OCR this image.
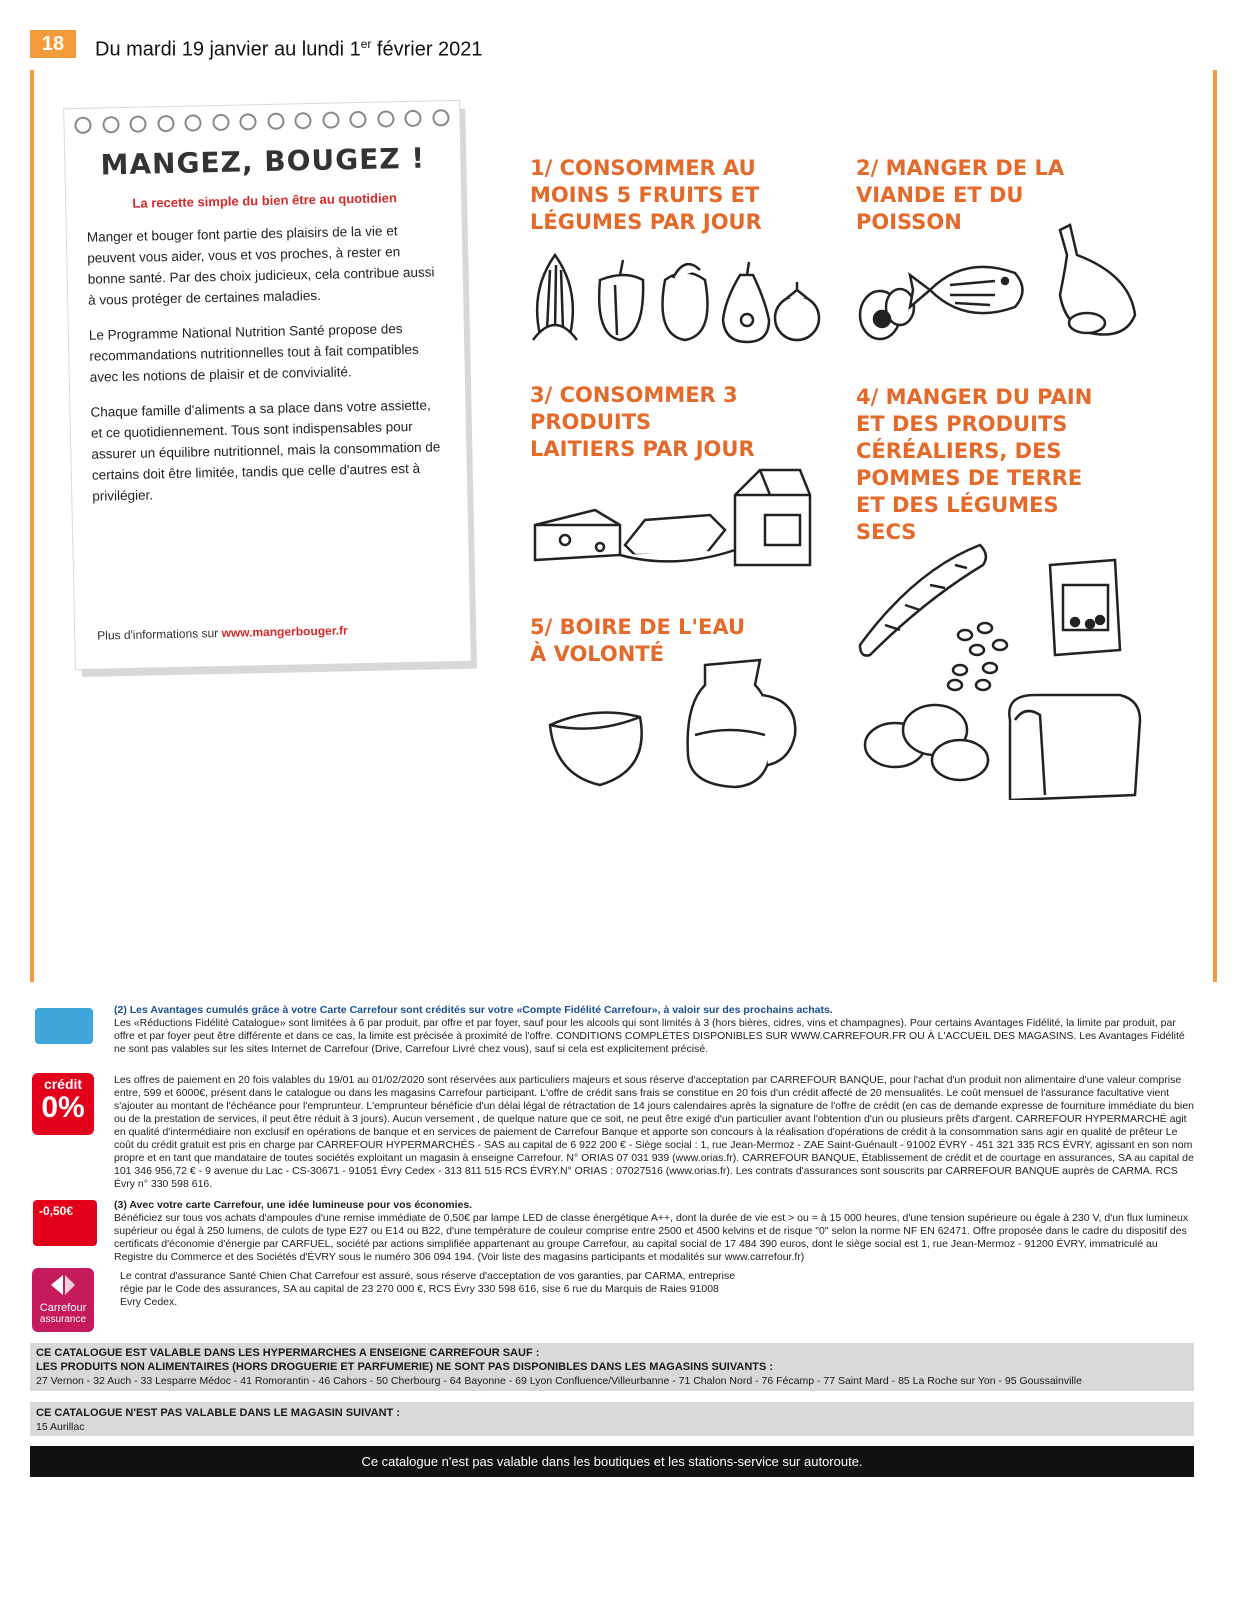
18	Du mardi 19 janvier au lundi 1er février 2021
MANGEZ, BOUGEZ !
La recette simple du bien être au quotidien

Manger et bouger font partie des plaisirs de la vie et peuvent vous aider, vous et vos proches, à rester en bonne santé. Par des choix judicieux, cela contribue aussi à vous protéger de certaines maladies.

Le Programme National Nutrition Santé propose des recommandations nutritionnelles tout à fait compatibles avec les notions de plaisir et de convivialité.

Chaque famille d'aliments a sa place dans votre assiette, et ce quotidiennement. Tous sont indispensables pour assurer un équilibre nutritionnel, mais la consommation de certains doit être limitée, tandis que celle d'autres est à privilégier.

Plus d'informations sur www.mangerbouger.fr
1/ CONSOMMER AU MOINS 5 FRUITS ET LÉGUMES PAR JOUR
2/ MANGER DE LA VIANDE ET DU POISSON
3/ CONSOMMER 3 PRODUITS LAITIERS PAR JOUR
4/ MANGER DU PAIN ET DES PRODUITS CÉRÉALIERS, DES POMMES DE TERRE ET DES LÉGUMES SECS
5/ BOIRE DE L'EAU À VOLONTÉ
(2) Les Avantages cumulés grâce à votre Carte Carrefour sont crédités sur votre «Compte Fidélité Carrefour», à valoir sur des prochains achats.
Les «Réductions Fidélité Catalogue» sont limitées à 6 par produit, par offre et par foyer, sauf pour les alcools qui sont limités à 3 (hors bières, cidres, vins et champagnes). Pour certains Avantages Fidélité, la limite par produit, par offre et par foyer peut être différente et dans ce cas, la limite est précisée à proximité de l'offre. CONDITIONS COMPLÈTES DISPONIBLES SUR WWW.CARREFOUR.FR OU À L'ACCUEIL DES MAGASINS. Les Avantages Fidélité ne sont pas valables sur les sites Internet de Carrefour (Drive, Carrefour Livré chez vous), sauf si cela est explicitement précisé.
crédit
0%
Les offres de paiement en 20 fois valables du 19/01 au 01/02/2020 sont réservées aux particuliers majeurs et sous réserve d'acceptation par CARREFOUR BANQUE, pour l'achat d'un produit non alimentaire d'une valeur comprise entre, 599 et 6000€, présent dans le catalogue ou dans les magasins Carrefour participant. L'offre de crédit sans frais se constitue en 20 fois d'un crédit affecté de 20 mensualités. Le coût mensuel de l'assurance facultative vient s'ajouter au montant de l'échéance pour l'emprunteur. L'emprunteur bénéficie d'un délai légal de rétractation de 14 jours calendaires après la signature de l'offre de crédit (en cas de demande expresse de fourniture immédiate du bien ou de la prestation de services, il peut être réduit à 3 jours). Aucun versement , de quelque nature que ce soit, ne peut être exigé d'un particulier avant l'obtention d'un ou plusieurs prêts d'argent. CARREFOUR HYPERMARCHÉ agit en qualité d'intermédiaire non exclusif en opérations de banque et en services de paiement de Carrefour Banque et apporte son concours à la réalisation d'opérations de crédit à la consommation sans agir en qualité de prêteur Le coût du crédit gratuit est pris en charge par CARREFOUR HYPERMARCHÉS - SAS au capital de 6 922 200 € - Siège social : 1, rue Jean-Mermoz - ZAE Saint-Guénault - 91002 ÉVRY - 451 321 335 RCS ÉVRY, agissant en son nom propre et en tant que mandataire de toutes sociétés exploitant un magasin à enseigne Carrefour. N° ORIAS 07 031 939 (www.orias.fr). CARREFOUR BANQUE, Établissement de crédit et de courtage en assurances, SA au capital de 101 346 956,72 € - 9 avenue du Lac - CS-30671 - 91051 Évry Cedex - 313 811 515 RCS ÉVRY.N° ORIAS : 07027516 (www.orias.fr). Les contrats d'assurances sont souscrits par CARREFOUR BANQUE auprès de CARMA. RCS Évry n° 330 598 616.
-0,50€	(3) Avec votre carte Carrefour, une idée lumineuse pour vos économies.
Bénéficiez sur tous vos achats d'ampoules d'une remise immédiate de 0,50€ par lampe LED de classe énergétique A++, dont la durée de vie est > ou = à 15 000 heures, d'une tension supérieure ou égale à 230 V, d'un flux lumineux supérieur ou égal à 250 lumens, de culots de type E27 ou E14 ou B22, d'une température de couleur comprise entre 2500 et 4500 kelvins et de risque "0" selon la norme NF EN 62471. Offre proposée dans le cadre du dispositif des certificats d'économie d'énergie par CARFUEL, société par actions simplifiée appartenant au groupe Carrefour, au capital social de 17 484 390 euros, dont le siège social est 1, rue Jean-Mermoz - 91200 ÉVRY, immatriculé au Registre du Commerce et des Sociétés d'ÉVRY sous le numéro 306 094 194. (Voir liste des magasins participants et modalités sur www.carrefour.fr)
Carrefour
assurance
Le contrat d'assurance Santé Chien Chat Carrefour est assuré, sous réserve d'acceptation de vos garanties, par CARMA, entreprise régie par le Code des assurances, SA au capital de 23 270 000 €, RCS Évry 330 598 616, sise 6 rue du Marquis de Raies 91008 Evry Cedex.
CE CATALOGUE EST VALABLE DANS LES HYPERMARCHES A ENSEIGNE CARREFOUR SAUF :
LES PRODUITS NON ALIMENTAIRES (HORS DROGUERIE ET PARFUMERIE) NE SONT PAS DISPONIBLES DANS LES MAGASINS SUIVANTS :
27 Vernon - 32 Auch - 33 Lesparre Médoc - 41 Romorantin - 46 Cahors - 50 Cherbourg - 64 Bayonne - 69 Lyon Confluence/Villeurbanne - 71 Chalon Nord - 76 Fécamp - 77 Saint Mard - 85 La Roche sur Yon - 95 Goussainville
CE CATALOGUE N'EST PAS VALABLE DANS LE MAGASIN SUIVANT :
15 Aurillac
Ce catalogue n'est pas valable dans les boutiques et les stations-service sur autoroute.
